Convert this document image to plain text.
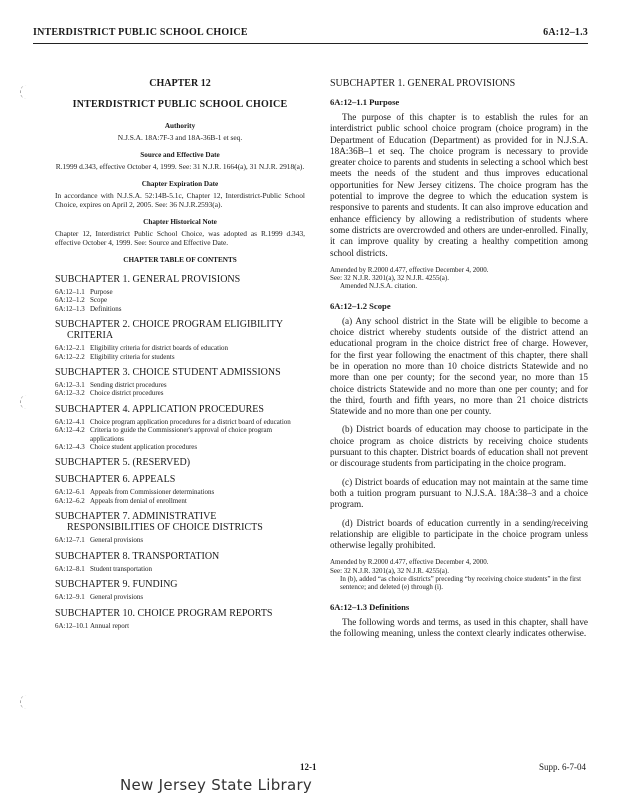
INTERDISTRICT PUBLIC SCHOOL CHOICE	6A:12–1.3
CHAPTER 12
INTERDISTRICT PUBLIC SCHOOL CHOICE
Authority
N.J.S.A. 18A:7F-3 and 18A-36B-1 et seq.
Source and Effective Date
R.1999 d.343, effective October 4, 1999. See: 31 N.J.R. 1664(a), 31 N.J.R. 2918(a).
Chapter Expiration Date
In accordance with N.J.S.A. 52:14B-5.1c, Chapter 12, Interdistrict-Public School Choice, expires on April 2, 2005. See: 36 N.J.R.2593(a).
Chapter Historical Note
Chapter 12, Interdistrict Public School Choice, was adopted as R.1999 d.343, effective October 4, 1999. See: Source and Effective Date.
CHAPTER TABLE OF CONTENTS
SUBCHAPTER 1. GENERAL PROVISIONS
6A:12–1.1 Purpose
6A:12–1.2 Scope
6A:12–1.3 Definitions
SUBCHAPTER 2. CHOICE PROGRAM ELIGIBILITY
CRITERIA
6A:12–2.1 Eligibility criteria for district boards of education
6A:12–2.2 Eligibility criteria for students
SUBCHAPTER 3. CHOICE STUDENT ADMISSIONS
6A:12–3.1 Sending district procedures
6A:12–3.2 Choice district procedures
SUBCHAPTER 4. APPLICATION PROCEDURES
6A:12–4.1 Choice program application procedures for a district board of education
6A:12–4.2 Criteria to guide the Commissioner's approval of choice program applications
6A:12–4.3 Choice student application procedures
SUBCHAPTER 5. (RESERVED)
SUBCHAPTER 6. APPEALS
6A:12–6.1 Appeals from Commissioner determinations
6A:12–6.2 Appeals from denial of enrollment
SUBCHAPTER 7. ADMINISTRATIVE
RESPONSIBILITIES OF CHOICE DISTRICTS
6A:12–7.1 General provisions
SUBCHAPTER 8. TRANSPORTATION
6A:12–8.1 Student transportation
SUBCHAPTER 9. FUNDING
6A:12–9.1 General provisions
SUBCHAPTER 10. CHOICE PROGRAM REPORTS
6A:12–10.1 Annual report
SUBCHAPTER 1. GENERAL PROVISIONS
6A:12–1.1 Purpose
The purpose of this chapter is to establish the rules for an interdistrict public school choice program (choice program) in the Department of Education (Department) as provided for in N.J.S.A. 18A:36B–1 et seq. The choice program is necessary to provide greater choice to parents and students in selecting a school which best meets the needs of the student and thus improves educational opportunities for New Jersey citizens. The choice program has the potential to improve the degree to which the education system is responsive to parents and students. It can also improve education and enhance efficiency by allowing a redistribution of students where some districts are overcrowded and others are under-enrolled. Finally, it can improve quality by creating a healthy competition among school districts.
Amended by R.2000 d.477, effective December 4, 2000.
See: 32 N.J.R. 3201(a), 32 N.J.R. 4255(a).
Amended N.J.S.A. citation.
6A:12–1.2 Scope
(a) Any school district in the State will be eligible to become a choice district whereby students outside of the district attend an educational program in the choice district free of charge. However, for the first year following the enactment of this chapter, there shall be in operation no more than 10 choice districts Statewide and no more than one per county; for the second year, no more than 15 choice districts Statewide and no more than one per county; and for the third, fourth and fifth years, no more than 21 choice districts Statewide and no more than one per county.
(b) District boards of education may choose to participate in the choice program as choice districts by receiving choice students pursuant to this chapter. District boards of education shall not prevent or discourage students from participating in the choice program.
(c) District boards of education may not maintain at the same time both a tuition program pursuant to N.J.S.A. 18A:38–3 and a choice program.
(d) District boards of education currently in a sending/receiving relationship are eligible to participate in the choice program unless otherwise legally prohibited.
Amended by R.2000 d.477, effective December 4, 2000.
See: 32 N.J.R. 3201(a), 32 N.J.R. 4255(a).
In (b), added “as choice districts” preceding “by receiving choice students” in the first sentence; and deleted (e) through (i).
6A:12–1.3 Definitions
The following words and terms, as used in this chapter, shall have the following meaning, unless the context clearly indicates otherwise.
12-1	Supp. 6-7-04
New Jersey State Library
